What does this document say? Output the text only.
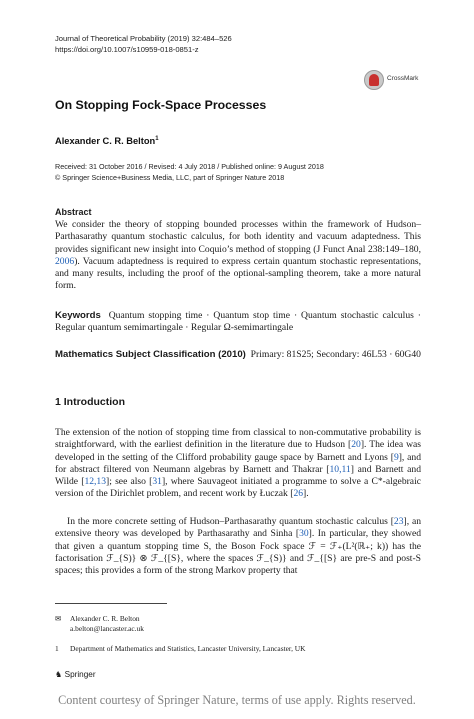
Journal of Theoretical Probability (2019) 32:484–526
https://doi.org/10.1007/s10959-018-0851-z
CrossMark
On Stopping Fock-Space Processes
Alexander C. R. Belton$^1$
Received: 31 October 2016 / Revised: 4 July 2018 / Published online: 9 August 2018
© Springer Science+Business Media, LLC, part of Springer Nature 2018
Abstract
We consider the theory of stopping bounded processes within the framework of Hudson–Parthasarathy quantum stochastic calculus, for both identity and vacuum adaptedness. This provides significant new insight into Coquio’s method of stopping (J Funct Anal 238:149–180, 2006). Vacuum adaptedness is required to express certain quantum stochastic representations, and many results, including the proof of the optional-sampling theorem, take a more natural form.
Keywords Quantum stopping time · Quantum stop time · Quantum stochastic calculus · Regular quantum semimartingale · Regular Ω-semimartingale
Mathematics Subject Classification (2010) Primary: 81S25; Secondary: 46L53 · 60G40
1 Introduction
The extension of the notion of stopping time from classical to non-commutative probability is straightforward, with the earliest definition in the literature due to Hudson [20]. The idea was developed in the setting of the Clifford probability gauge space by Barnett and Lyons [9], and for abstract filtered von Neumann algebras by Barnett and Thakrar [10,11] and Barnett and Wilde [12,13]; see also [31], where Sauvageot initiated a programme to solve a C*-algebraic version of the Dirichlet problem, and recent work by Łuczak [26].
In the more concrete setting of Hudson–Parthasarathy quantum stochastic calculus [23], an extensive theory was developed by Parthasarathy and Sinha [30]. In particular, they showed that given a quantum stopping time S, the Boson Fock space ℱ = ℱ₊(L²(ℝ₊; k)) has the factorisation ℱ_{S)} ⊗ ℱ_{[S}, where the spaces ℱ_{S)} and ℱ_{[S} are pre-S and post-S spaces; this provides a form of the strong Markov property that
✉ Alexander C. R. Belton
a.belton@lancaster.ac.uk
1 Department of Mathematics and Statistics, Lancaster University, Lancaster, UK
♞ Springer
Content courtesy of Springer Nature, terms of use apply. Rights reserved.
